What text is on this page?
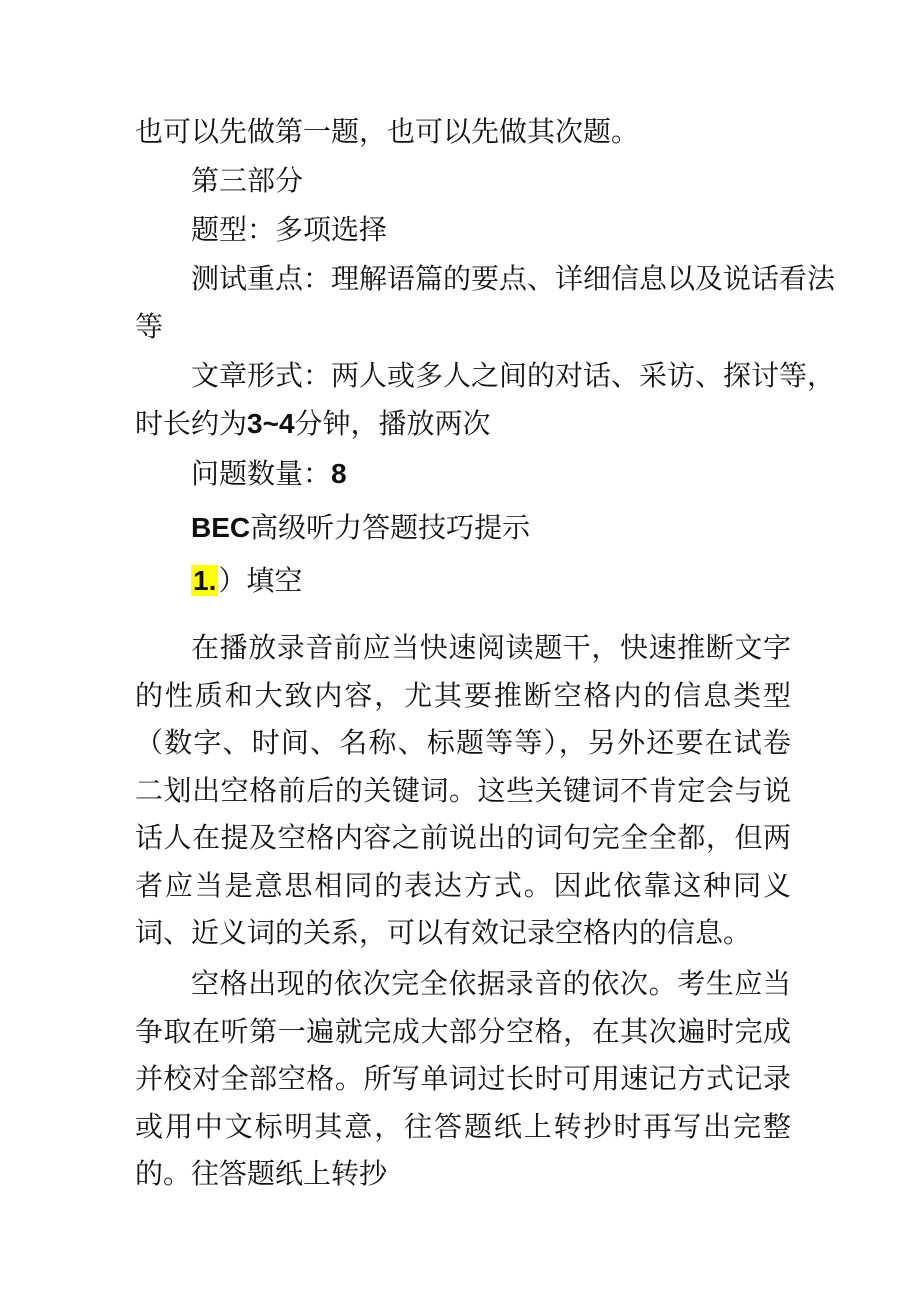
也可以先做第一题，也可以先做其次题。
第三部分
题型：多项选择
测试重点：理解语篇的要点、详细信息以及说话看法
等
文章形式：两人或多人之间的对话、采访、探讨等，
时长约为3~4分钟，播放两次
问题数量：8
BEC高级听力答题技巧提示
1.）填空
在播放录音前应当快速阅读题干，快速推断文字的性质和大致内容，尤其要推断空格内的信息类型（数字、时间、名称、标题等等），另外还要在试卷二划出空格前后的关键词。这些关键词不肯定会与说话人在提及空格内容之前说出的词句完全全都，但两者应当是意思相同的表达方式。因此依靠这种同义词、近义词的关系，可以有效记录空格内的信息。
空格出现的依次完全依据录音的依次。考生应当争取在听第一遍就完成大部分空格，在其次遍时完成并校对全部空格。所写单词过长时可用速记方式记录或用中文标明其意，往答题纸上转抄时再写出完整的。往答题纸上转抄
